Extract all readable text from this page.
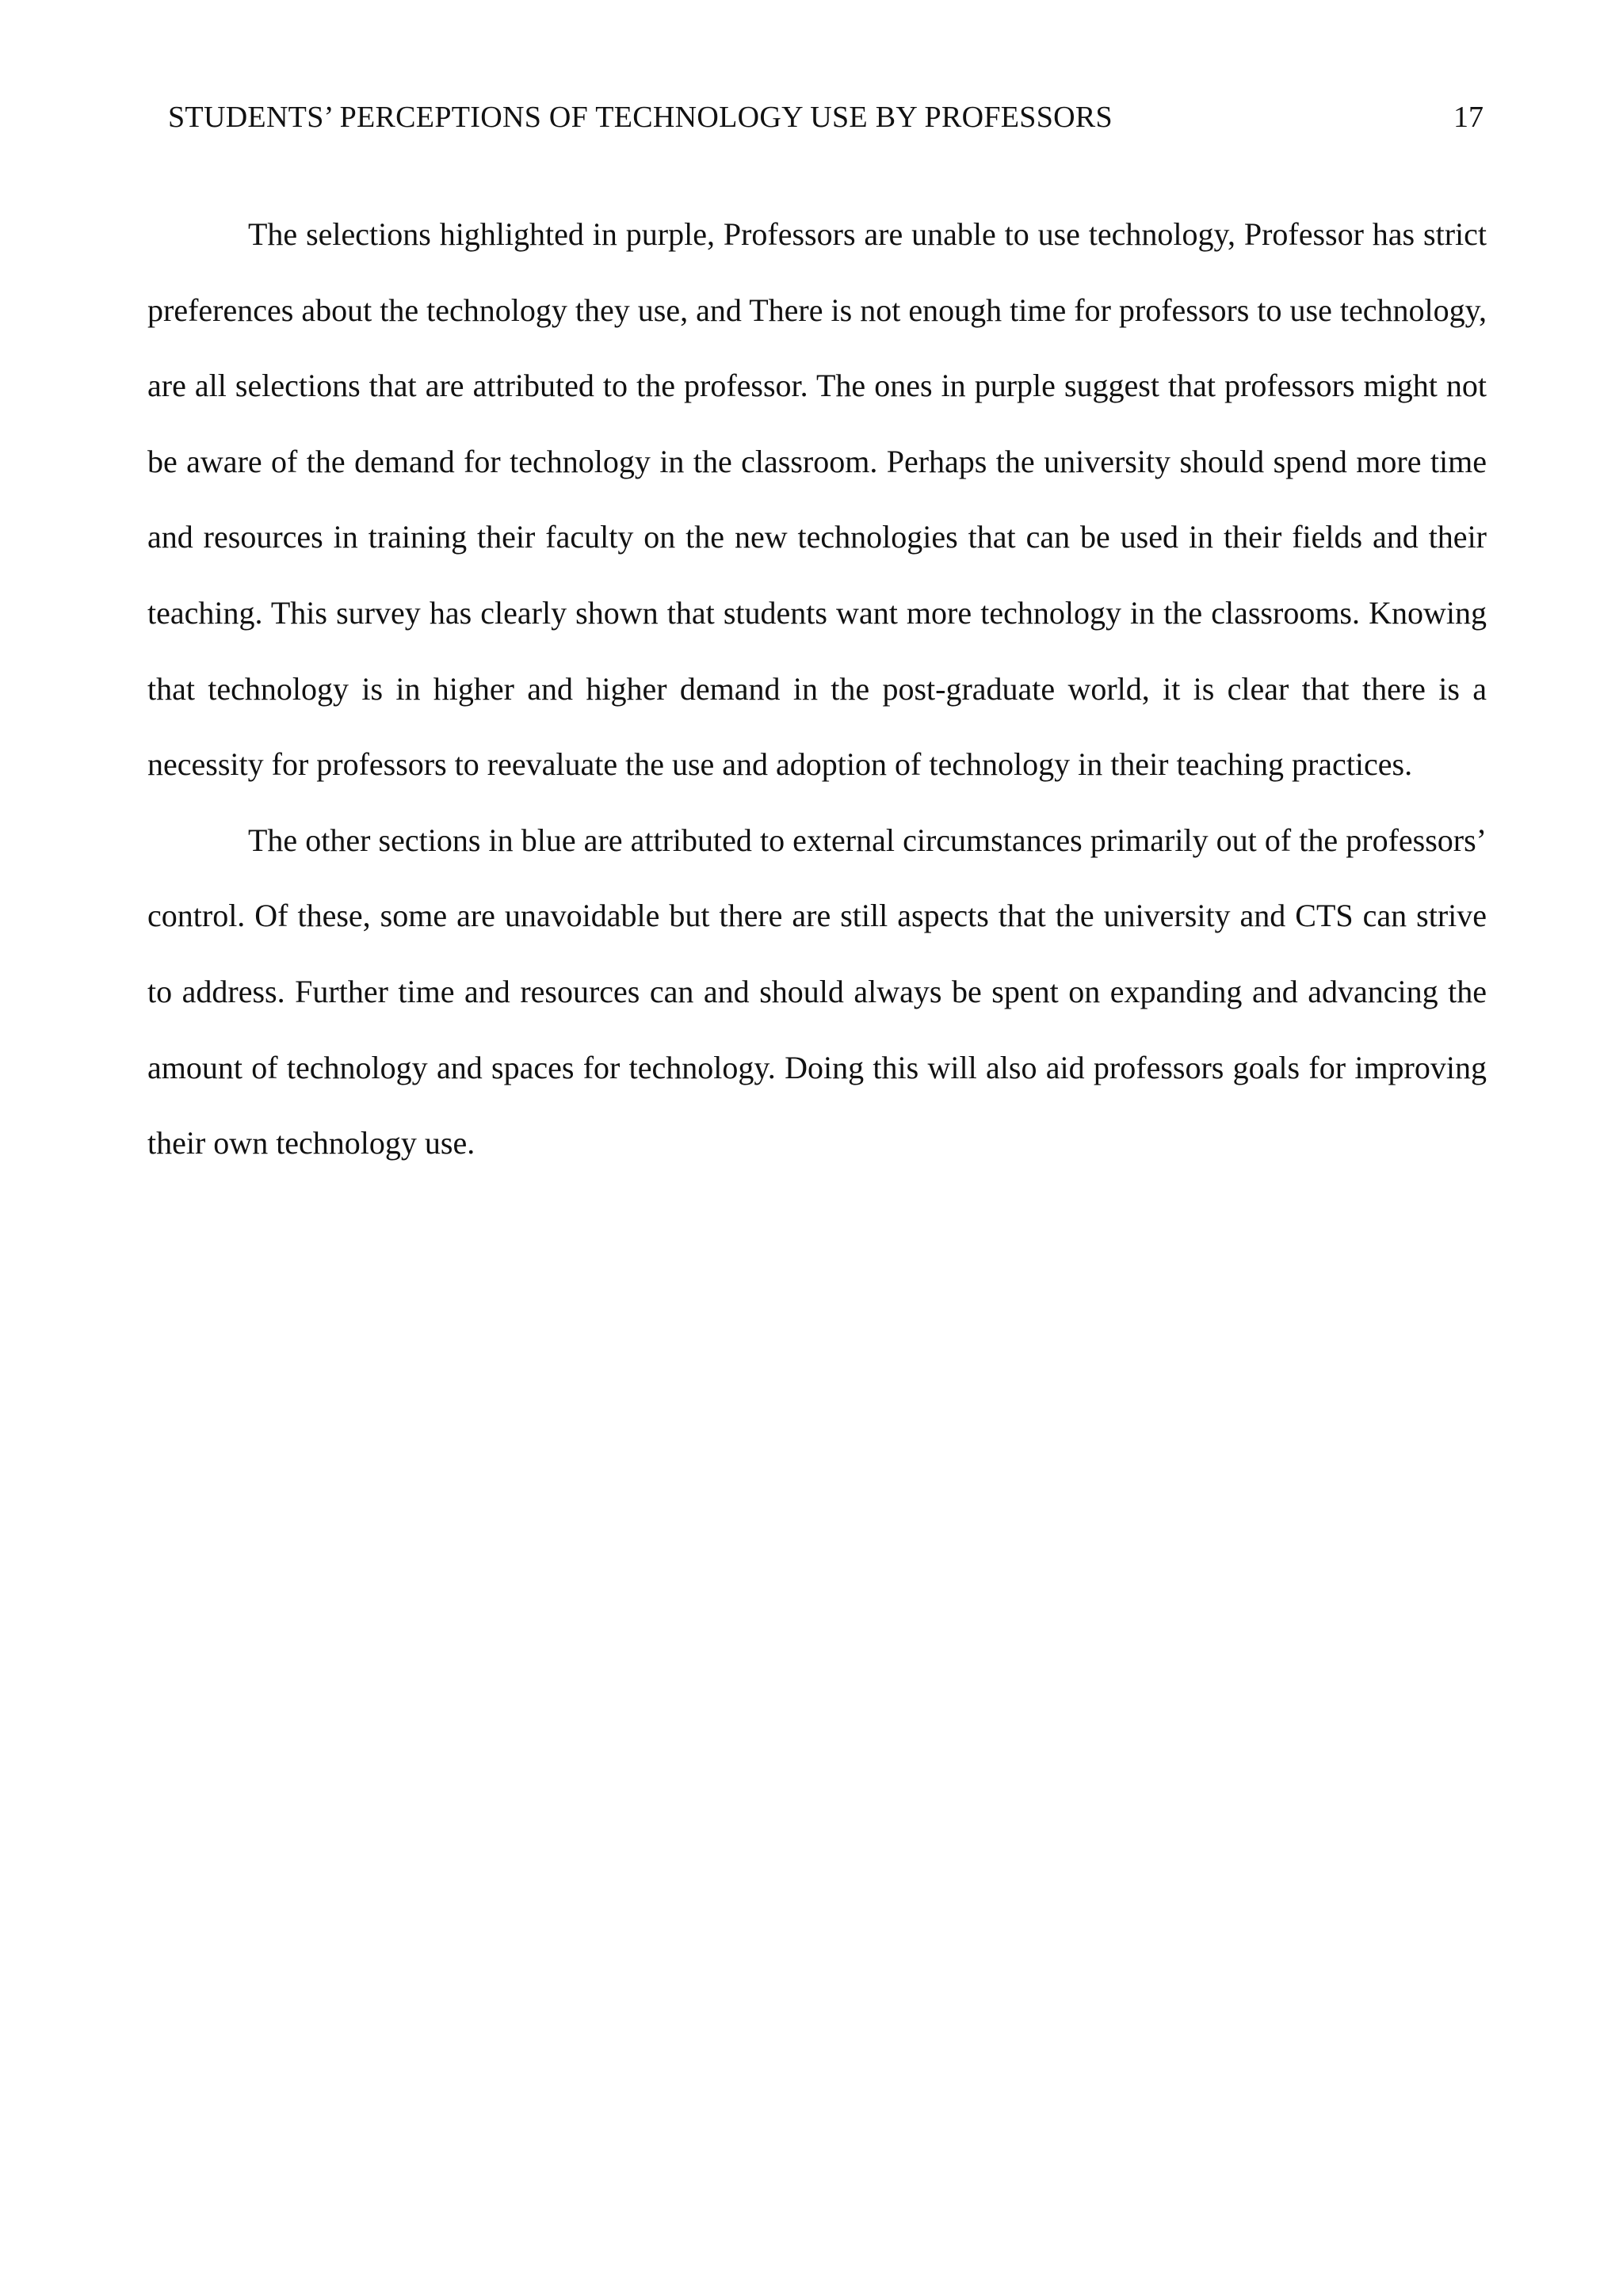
STUDENTS’ PERCEPTIONS OF TECHNOLOGY USE BY PROFESSORS	17

The selections highlighted in purple, Professors are unable to use technology, Professor has strict preferences about the technology they use, and There is not enough time for professors to use technology, are all selections that are attributed to the professor. The ones in purple suggest that professors might not be aware of the demand for technology in the classroom. Perhaps the university should spend more time and resources in training their faculty on the new technologies that can be used in their fields and their teaching. This survey has clearly shown that students want more technology in the classrooms. Knowing that technology is in higher and higher demand in the post-graduate world, it is clear that there is a necessity for professors to reevaluate the use and adoption of technology in their teaching practices.

The other sections in blue are attributed to external circumstances primarily out of the professors’ control. Of these, some are unavoidable but there are still aspects that the university and CTS can strive to address. Further time and resources can and should always be spent on expanding and advancing the amount of technology and spaces for technology. Doing this will also aid professors goals for improving their own technology use.
